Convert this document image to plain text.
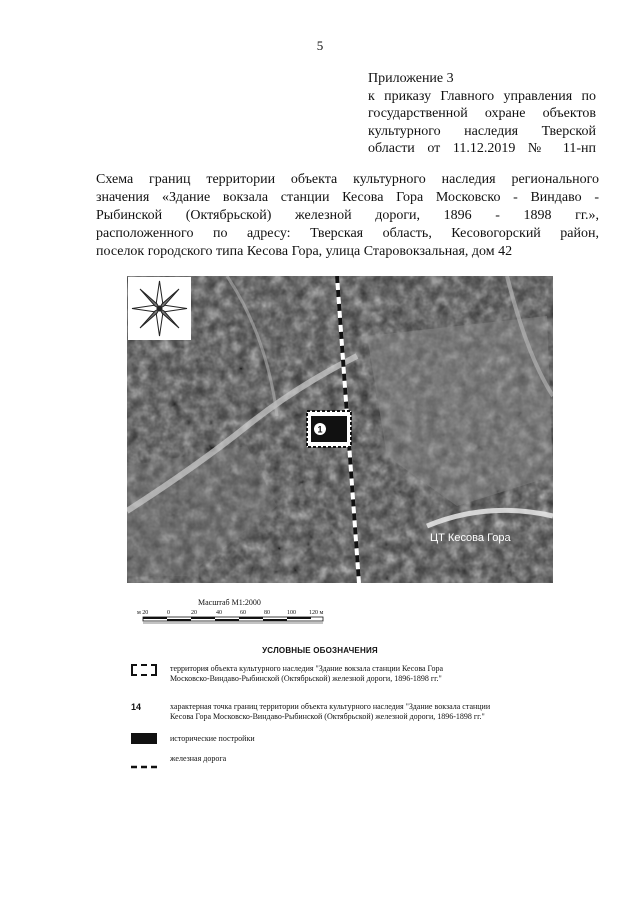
5
Приложение 3
к приказу Главного управления по
государственной охране объектов
культурного наследия Тверской
области от 11.12.2019 № 11-нп
Схема границ территории объекта культурного наследия регионального
значения «Здание вокзала станции Кесова Гора Московско - Виндаво -
Рыбинской (Октябрьской) железной дороги, 1896 - 1898 гг.»,
расположенного по адресу: Тверская область, Кесовогорский район,
поселок городского типа Кесова Гора, улица Старовокзальная, дом 42
1
ЦТ Кесова Гора
Масштаб М1:2000
м 20	0	20	40	60	80	100 120 м
УСЛОВНЫЕ ОБОЗНАЧЕНИЯ
территория объекта культурного наследия "Здание вокзала станции Кесова Гора
Московско-Виндаво-Рыбинской (Октябрьской) железной дороги, 1896-1898 гг."
14	характерная точка границ территории объекта культурного наследия "Здание вокзала станции
Кесова Гора Московско-Виндаво-Рыбинской (Октябрьской) железной дороги, 1896-1898 гг."
исторические постройки
железная дорога
